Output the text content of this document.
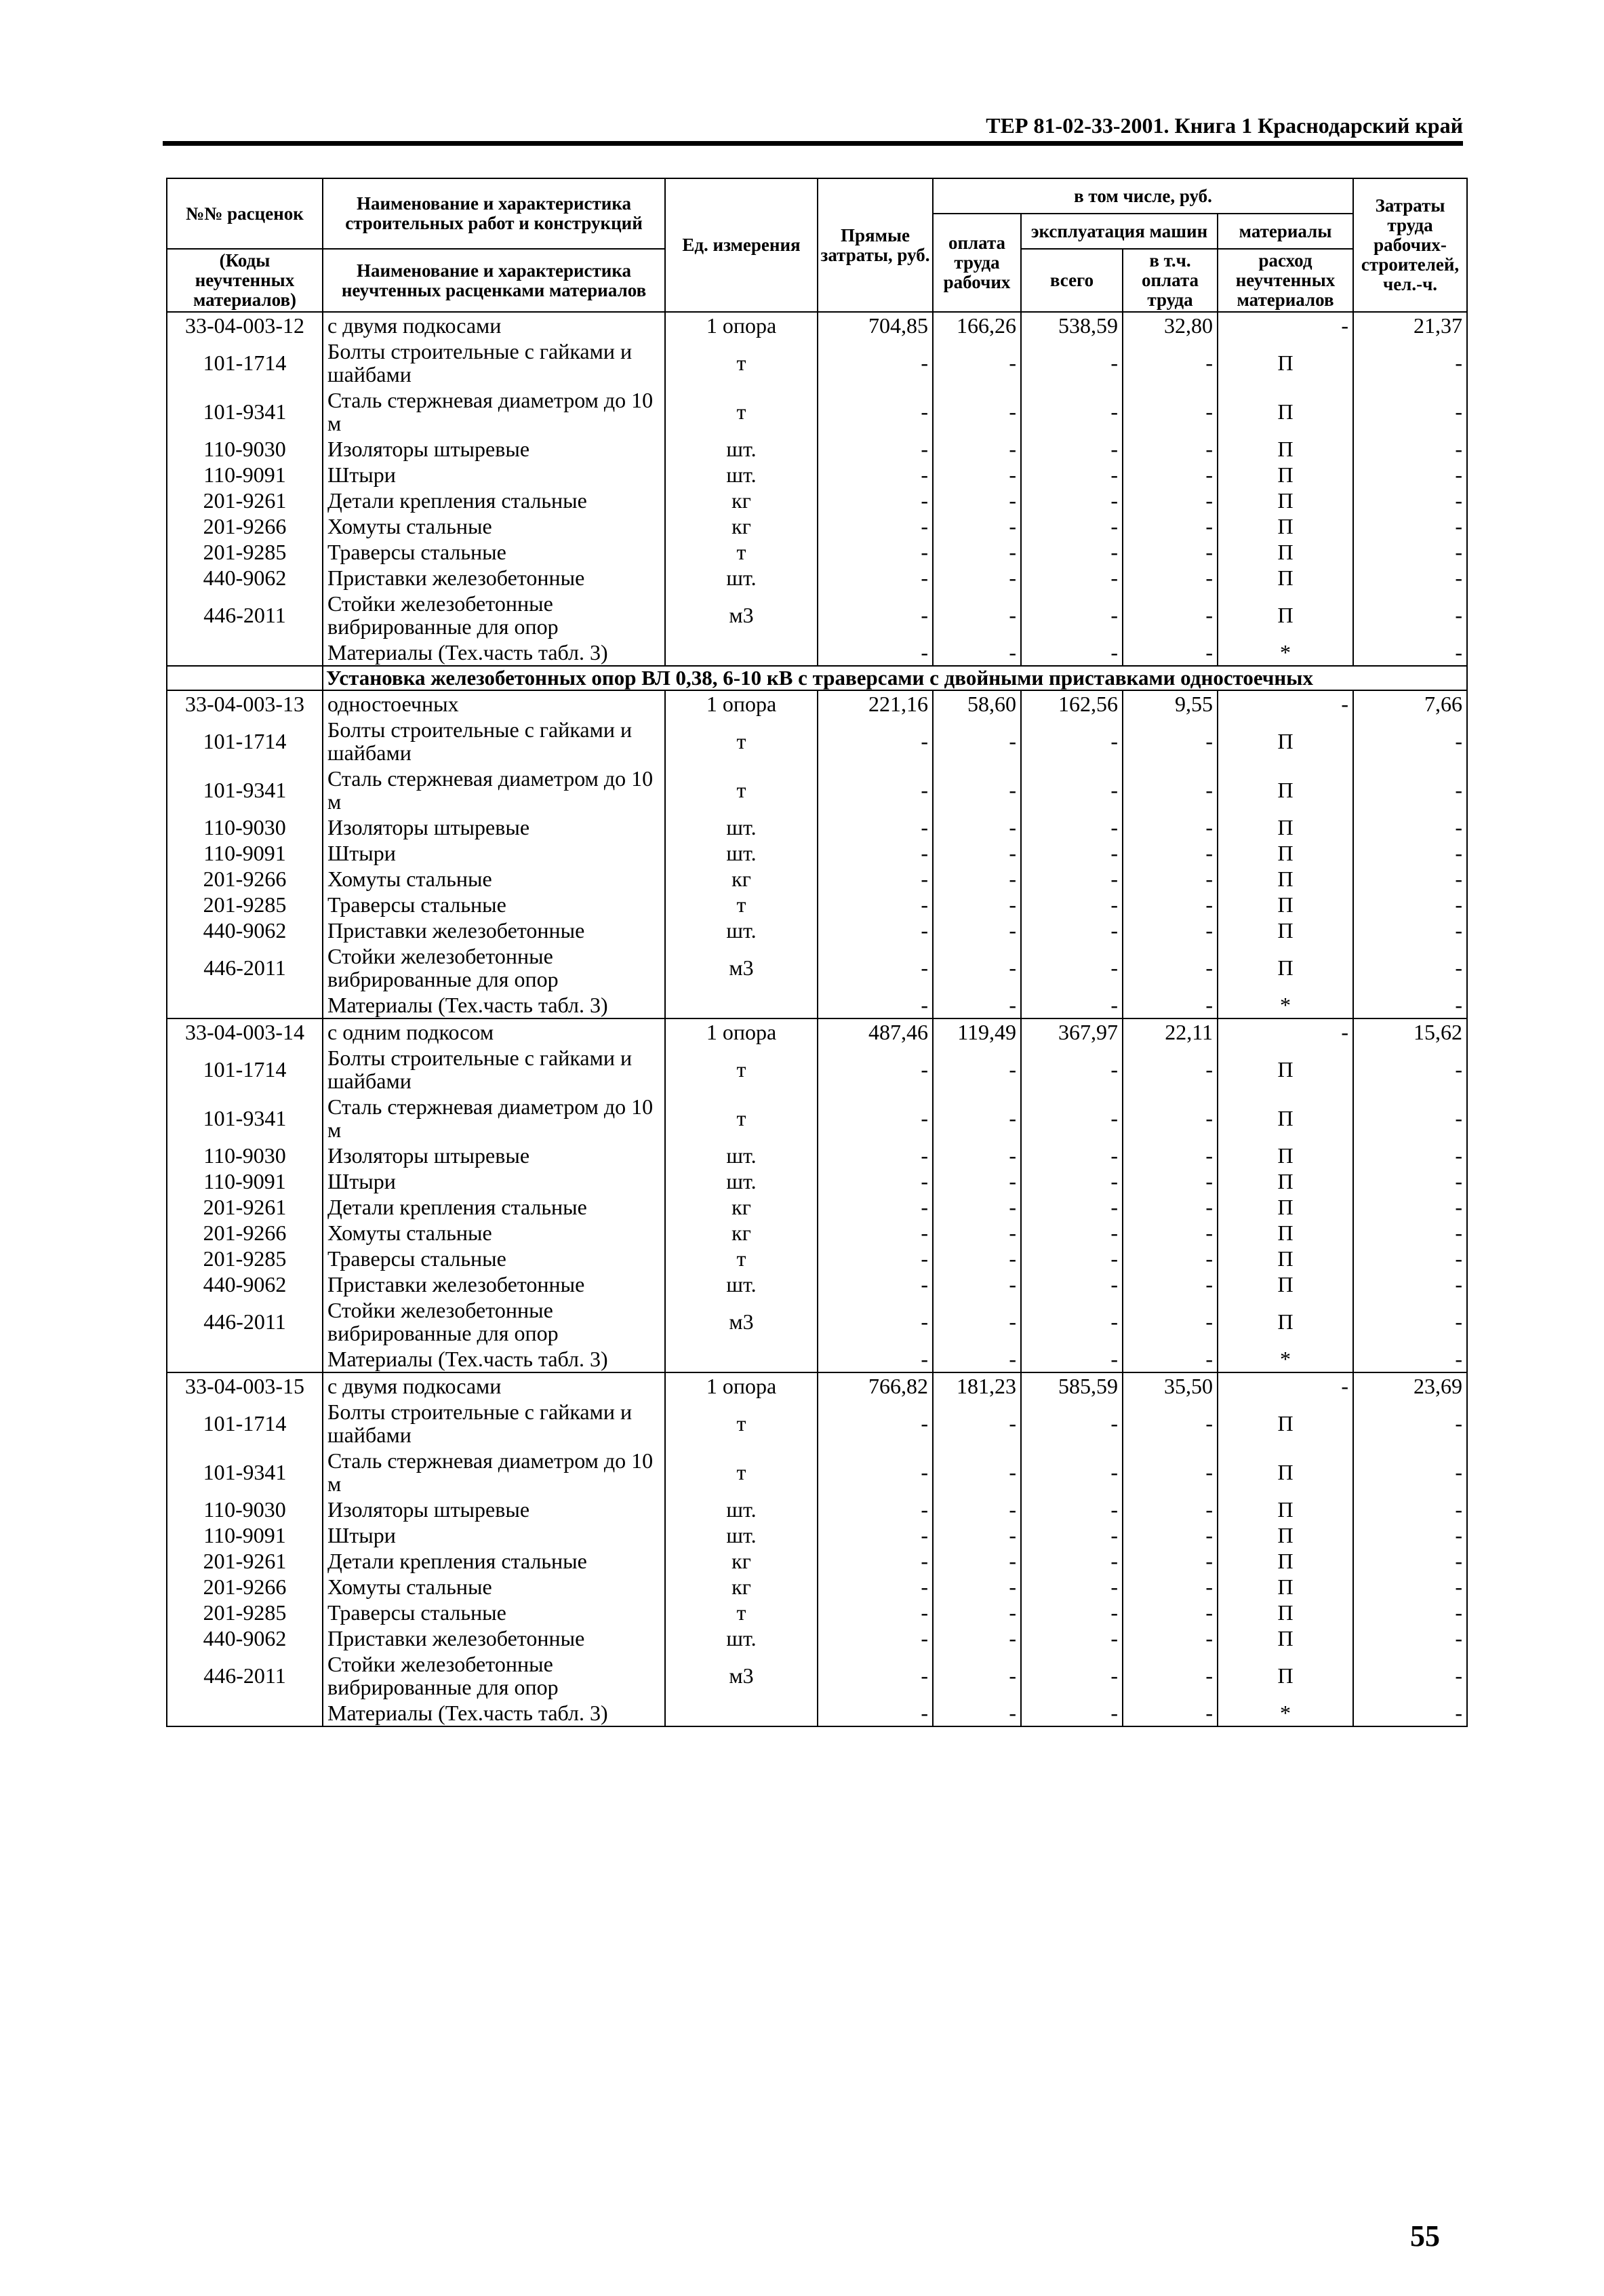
ТЕР 81-02-33-2001. Книга 1 Краснодарский край
№№ расценок	Наименование и характеристика строительных работ и конструкций	Ед. измерения	Прямые затраты, руб.	в том числе, руб.				Затраты труда рабочих-строителей, чел.-ч.
				оплата труда рабочих	эксплуатация машин		материалы	
(Коды неучтенных материалов)	Наименование и характеристика неучтенных расценками материалов				всего	в т.ч. оплата труда	расход неучтенных материалов	

33-04-003-12	с двумя подкосами	1 опора	704,85	166,26	538,59	32,80	-	21,37
101-1714	Болты строительные с гайками и шайбами	т	-	-	-	-	П	-
101-9341	Сталь стержневая диаметром до 10 м	т	-	-	-	-	П	-
110-9030	Изоляторы штыревые	шт.	-	-	-	-	П	-
110-9091	Штыри	шт.	-	-	-	-	П	-
201-9261	Детали крепления стальные	кг	-	-	-	-	П	-
201-9266	Хомуты стальные	кг	-	-	-	-	П	-
201-9285	Траверсы стальные	т	-	-	-	-	П	-
440-9062	Приставки железобетонные	шт.	-	-	-	-	П	-
446-2011	Стойки железобетонные вибрированные для опор	м3	-	-	-	-	П	-
	Материалы (Тех.часть табл. 3)		-	-	-	-	*	-
	Установка железобетонных опор ВЛ 0,38, 6-10 кВ с траверсами с двойными приставками одностоечных							
33-04-003-13	одностоечных	1 опора	221,16	58,60	162,56	9,55	-	7,66
101-1714	Болты строительные с гайками и шайбами	т	-	-	-	-	П	-
101-9341	Сталь стержневая диаметром до 10 м	т	-	-	-	-	П	-
110-9030	Изоляторы штыревые	шт.	-	-	-	-	П	-
110-9091	Штыри	шт.	-	-	-	-	П	-
201-9266	Хомуты стальные	кг	-	-	-	-	П	-
201-9285	Траверсы стальные	т	-	-	-	-	П	-
440-9062	Приставки железобетонные	шт.	-	-	-	-	П	-
446-2011	Стойки железобетонные вибрированные для опор	м3	-	-	-	-	П	-
	Материалы (Тех.часть табл. 3)		-	-	-	-	*	-
33-04-003-14	с одним подкосом	1 опора	487,46	119,49	367,97	22,11	-	15,62
101-1714	Болты строительные с гайками и шайбами	т	-	-	-	-	П	-
101-9341	Сталь стержневая диаметром до 10 м	т	-	-	-	-	П	-
110-9030	Изоляторы штыревые	шт.	-	-	-	-	П	-
110-9091	Штыри	шт.	-	-	-	-	П	-
201-9261	Детали крепления стальные	кг	-	-	-	-	П	-
201-9266	Хомуты стальные	кг	-	-	-	-	П	-
201-9285	Траверсы стальные	т	-	-	-	-	П	-
440-9062	Приставки железобетонные	шт.	-	-	-	-	П	-
446-2011	Стойки железобетонные вибрированные для опор	м3	-	-	-	-	П	-
	Материалы (Тех.часть табл. 3)		-	-	-	-	*	-
33-04-003-15	с двумя подкосами	1 опора	766,82	181,23	585,59	35,50	-	23,69
101-1714	Болты строительные с гайками и шайбами	т	-	-	-	-	П	-
101-9341	Сталь стержневая диаметром до 10 м	т	-	-	-	-	П	-
110-9030	Изоляторы штыревые	шт.	-	-	-	-	П	-
110-9091	Штыри	шт.	-	-	-	-	П	-
201-9261	Детали крепления стальные	кг	-	-	-	-	П	-
201-9266	Хомуты стальные	кг	-	-	-	-	П	-
201-9285	Траверсы стальные	т	-	-	-	-	П	-
440-9062	Приставки железобетонные	шт.	-	-	-	-	П	-
446-2011	Стойки железобетонные вибрированные для опор	м3	-	-	-	-	П	-
	Материалы (Тех.часть табл. 3)		-	-	-	-	*	-
55
